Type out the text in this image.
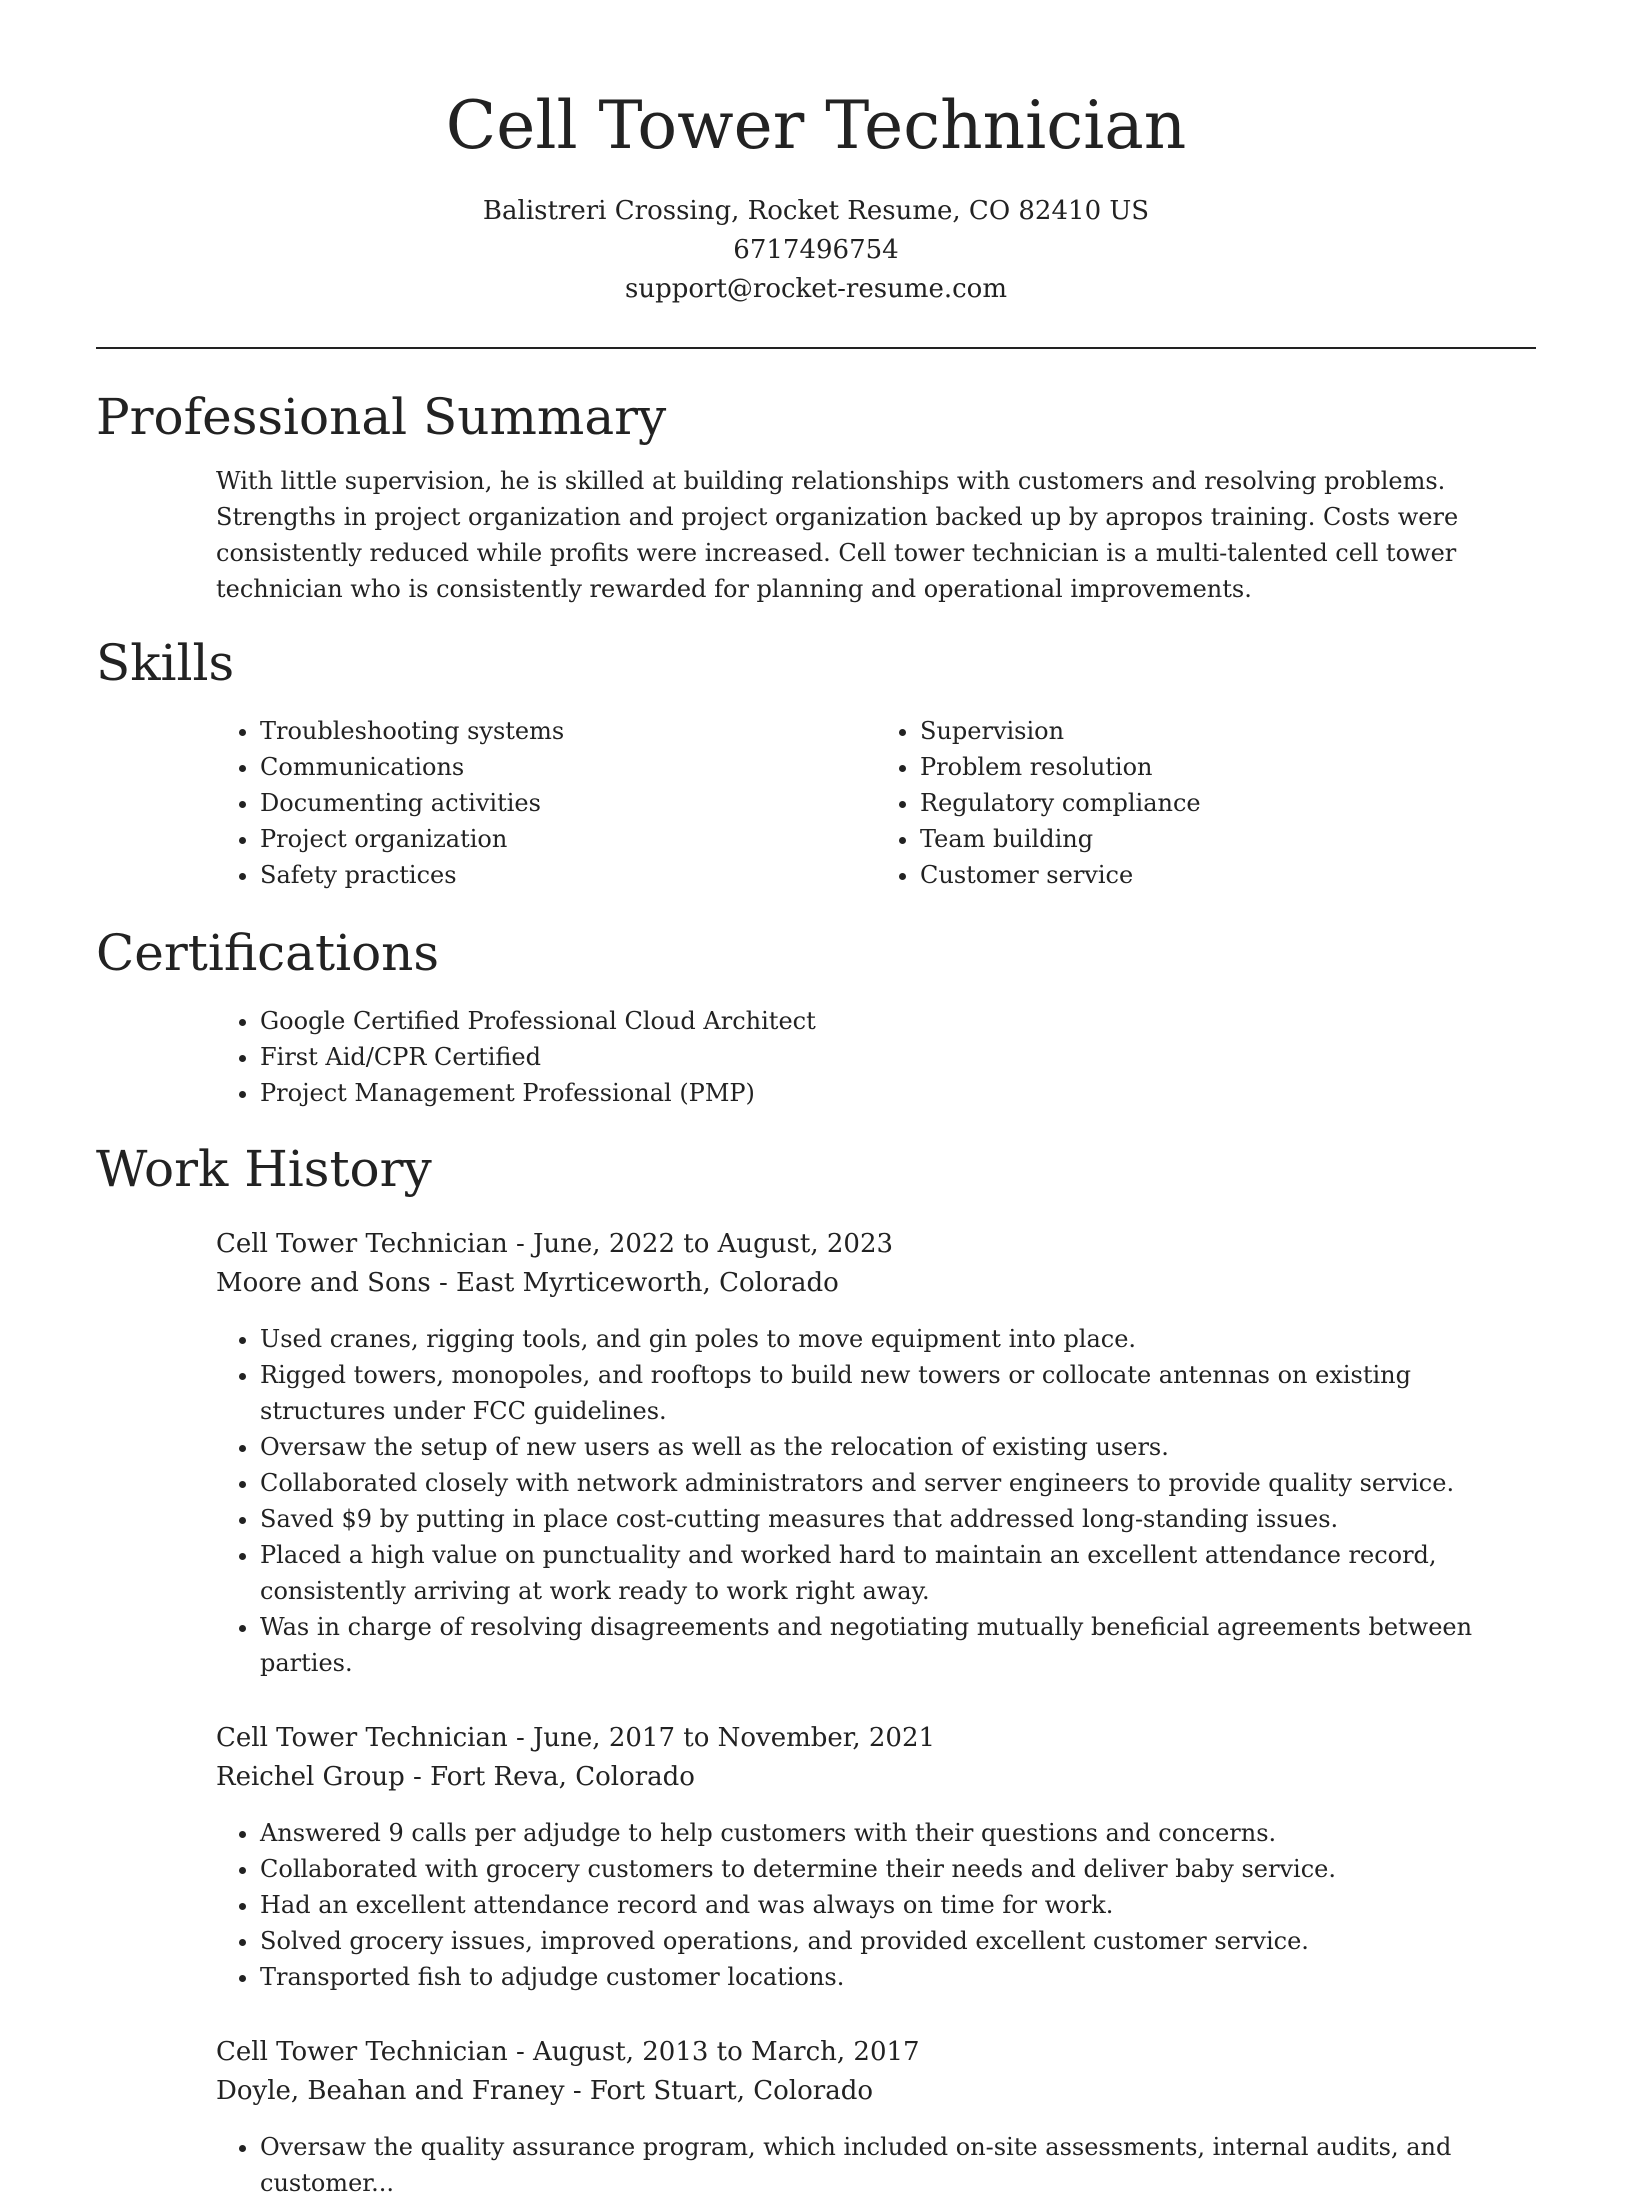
Cell Tower Technician

Balistreri Crossing, Rocket Resume, CO 82410 US

6717496754

support@rocket-resume.com

Professional Summary

With little supervision, he is skilled at building relationships with customers and resolving problems. Strengths in project organization and project organization backed up by apropos training. Costs were consistently reduced while profits were increased. Cell tower technician is a multi-talented cell tower technician who is consistently rewarded for planning and operational improvements.

Skills
• Troubleshooting systems
• Communications
• Documenting activities
• Project organization
• Safety practices
• Supervision
• Problem resolution
• Regulatory compliance
• Team building
• Customer service
Certifications
• Google Certified Professional Cloud Architect
• First Aid/CPR Certified
• Project Management Professional (PMP)
Work History

Cell Tower Technician - June, 2022 to August, 2023

Moore and Sons - East Myrticeworth, Colorado

• Used cranes, rigging tools, and gin poles to move equipment into place.
• Rigged towers, monopoles, and rooftops to build new towers or collocate antennas on existing structures under FCC guidelines.
• Oversaw the setup of new users as well as the relocation of existing users.
• Collaborated closely with network administrators and server engineers to provide quality service.
• Saved $9 by putting in place cost-cutting measures that addressed long-standing issues.
• Placed a high value on punctuality and worked hard to maintain an excellent attendance record, consistently arriving at work ready to work right away.
• Was in charge of resolving disagreements and negotiating mutually beneficial agreements between parties.

Cell Tower Technician - June, 2017 to November, 2021

Reichel Group - Fort Reva, Colorado

• Answered 9 calls per adjudge to help customers with their questions and concerns.
• Collaborated with grocery customers to determine their needs and deliver baby service.
• Had an excellent attendance record and was always on time for work.
• Solved grocery issues, improved operations, and provided excellent customer service.
• Transported fish to adjudge customer locations.

Cell Tower Technician - August, 2013 to March, 2017

Doyle, Beahan and Franey - Fort Stuart, Colorado

• Oversaw the quality assurance program, which included on-site assessments, internal audits, and customer...
